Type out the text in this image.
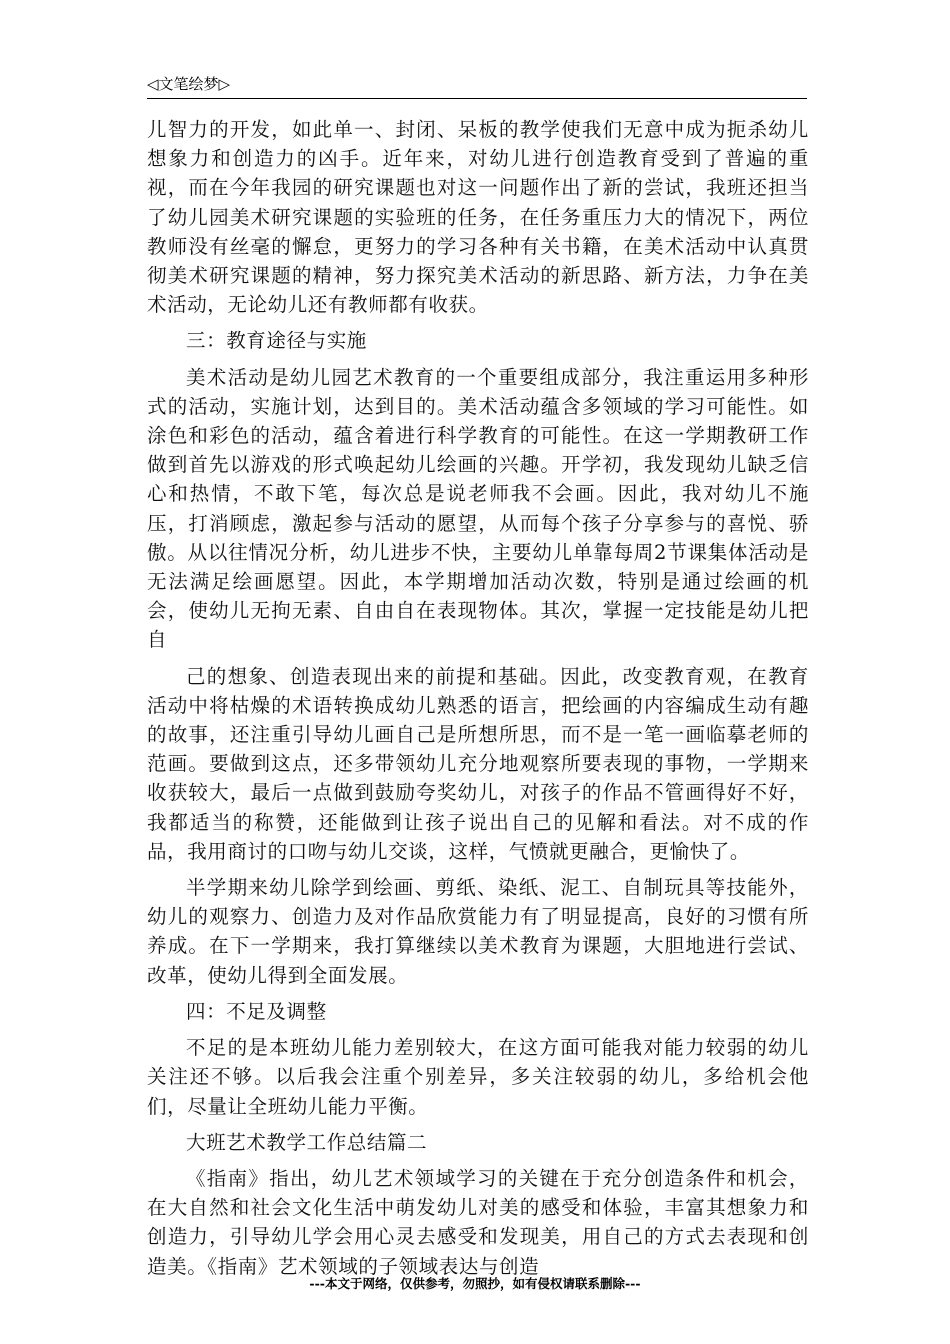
◁文笔绘梦▷

儿智力的开发，如此单一、封闭、呆板的教学使我们无意中成为扼杀幼儿想象力和创造力的凶手。近年来，对幼儿进行创造教育受到了普遍的重视，而在今年我园的研究课题也对这一问题作出了新的尝试，我班还担当了幼儿园美术研究课题的实验班的任务，在任务重压力大的情况下，两位教师没有丝毫的懈怠，更努力的学习各种有关书籍，在美术活动中认真贯彻美术研究课题的精神，努力探究美术活动的新思路、新方法，力争在美术活动，无论幼儿还有教师都有收获。

三：教育途径与实施

美术活动是幼儿园艺术教育的一个重要组成部分，我注重运用多种形式的活动，实施计划，达到目的。美术活动蕴含多领域的学习可能性。如涂色和彩色的活动，蕴含着进行科学教育的可能性。在这一学期教研工作做到首先以游戏的形式唤起幼儿绘画的兴趣。开学初，我发现幼儿缺乏信心和热情，不敢下笔，每次总是说老师我不会画。因此，我对幼儿不施压，打消顾虑，激起参与活动的愿望，从而每个孩子分享参与的喜悦、骄傲。从以往情况分析，幼儿进步不快，主要幼儿单靠每周2节课集体活动是无法满足绘画愿望。因此，本学期增加活动次数，特别是通过绘画的机会，使幼儿无拘无素、自由自在表现物体。其次，掌握一定技能是幼儿把自

己的想象、创造表现出来的前提和基础。因此，改变教育观，在教育活动中将枯燥的术语转换成幼儿熟悉的语言，把绘画的内容编成生动有趣的故事，还注重引导幼儿画自己是所想所思，而不是一笔一画临摹老师的范画。要做到这点，还多带领幼儿充分地观察所要表现的事物，一学期来收获较大，最后一点做到鼓励夸奖幼儿，对孩子的作品不管画得好不好，我都适当的称赞，还能做到让孩子说出自己的见解和看法。对不成的作品，我用商讨的口吻与幼儿交谈，这样，气愤就更融合，更愉快了。

半学期来幼儿除学到绘画、剪纸、染纸、泥工、自制玩具等技能外，幼儿的观察力、创造力及对作品欣赏能力有了明显提高，良好的习惯有所养成。在下一学期来，我打算继续以美术教育为课题，大胆地进行尝试、改革，使幼儿得到全面发展。

四：不足及调整

不足的是本班幼儿能力差别较大，在这方面可能我对能力较弱的幼儿关注还不够。以后我会注重个别差异，多关注较弱的幼儿，多给机会他们，尽量让全班幼儿能力平衡。

大班艺术教学工作总结篇二

《指南》指出，幼儿艺术领域学习的关键在于充分创造条件和机会，在大自然和社会文化生活中萌发幼儿对美的感受和体验，丰富其想象力和创造力，引导幼儿学会用心灵去感受和发现美，用自己的方式去表现和创造美。《指南》艺术领域的子领域表达与创造

---本文于网络，仅供参考，勿照抄，如有侵权请联系删除---
